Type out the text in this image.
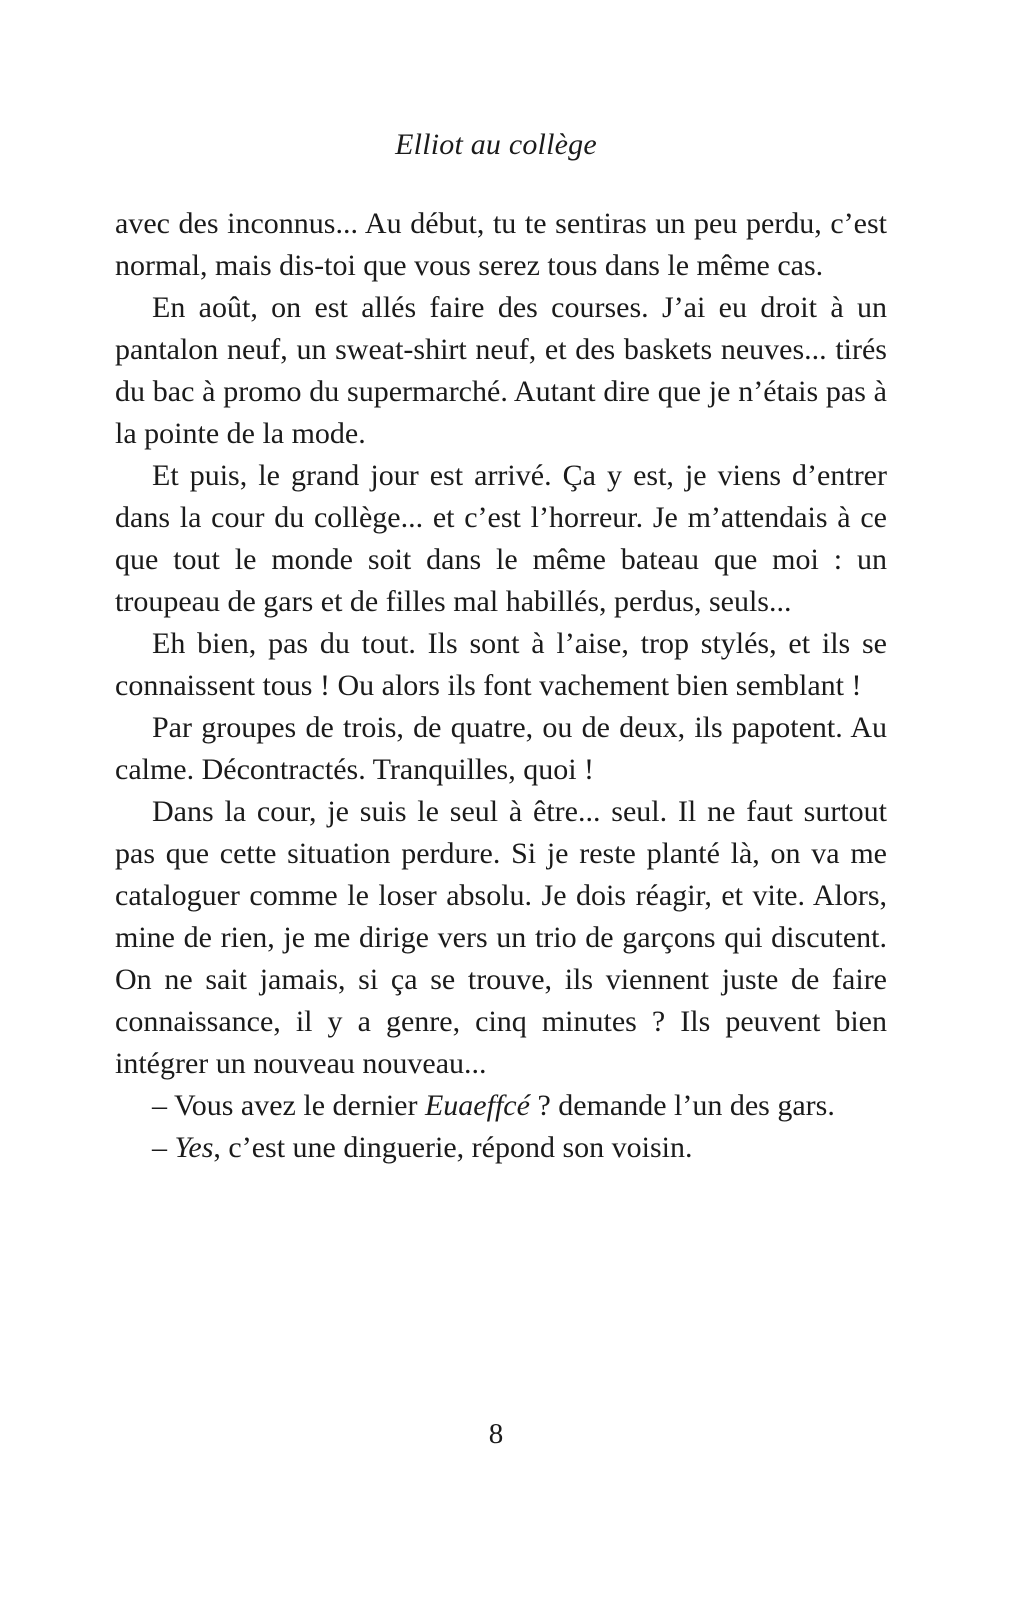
Elliot au collège

avec des inconnus... Au début, tu te sentiras un peu perdu, c’est normal, mais dis-toi que vous serez tous dans le même cas.

En août, on est allés faire des courses. J’ai eu droit à un pantalon neuf, un sweat-shirt neuf, et des baskets neuves... tirés du bac à promo du supermarché. Autant dire que je n’étais pas à la pointe de la mode.

Et puis, le grand jour est arrivé. Ça y est, je viens d’entrer dans la cour du collège... et c’est l’horreur. Je m’attendais à ce que tout le monde soit dans le même bateau que moi : un troupeau de gars et de filles mal habillés, perdus, seuls...

Eh bien, pas du tout. Ils sont à l’aise, trop stylés, et ils se connaissent tous ! Ou alors ils font vachement bien semblant !

Par groupes de trois, de quatre, ou de deux, ils papotent. Au calme. Décontractés. Tranquilles, quoi !

Dans la cour, je suis le seul à être... seul. Il ne faut surtout pas que cette situation perdure. Si je reste planté là, on va me cataloguer comme le loser absolu. Je dois réagir, et vite. Alors, mine de rien, je me dirige vers un trio de garçons qui discutent. On ne sait jamais, si ça se trouve, ils viennent juste de faire connaissance, il y a genre, cinq minutes ? Ils peuvent bien intégrer un nouveau nouveau...

– Vous avez le dernier Euaeffcé ? demande l’un des gars.

– Yes, c’est une dinguerie, répond son voisin.

8
